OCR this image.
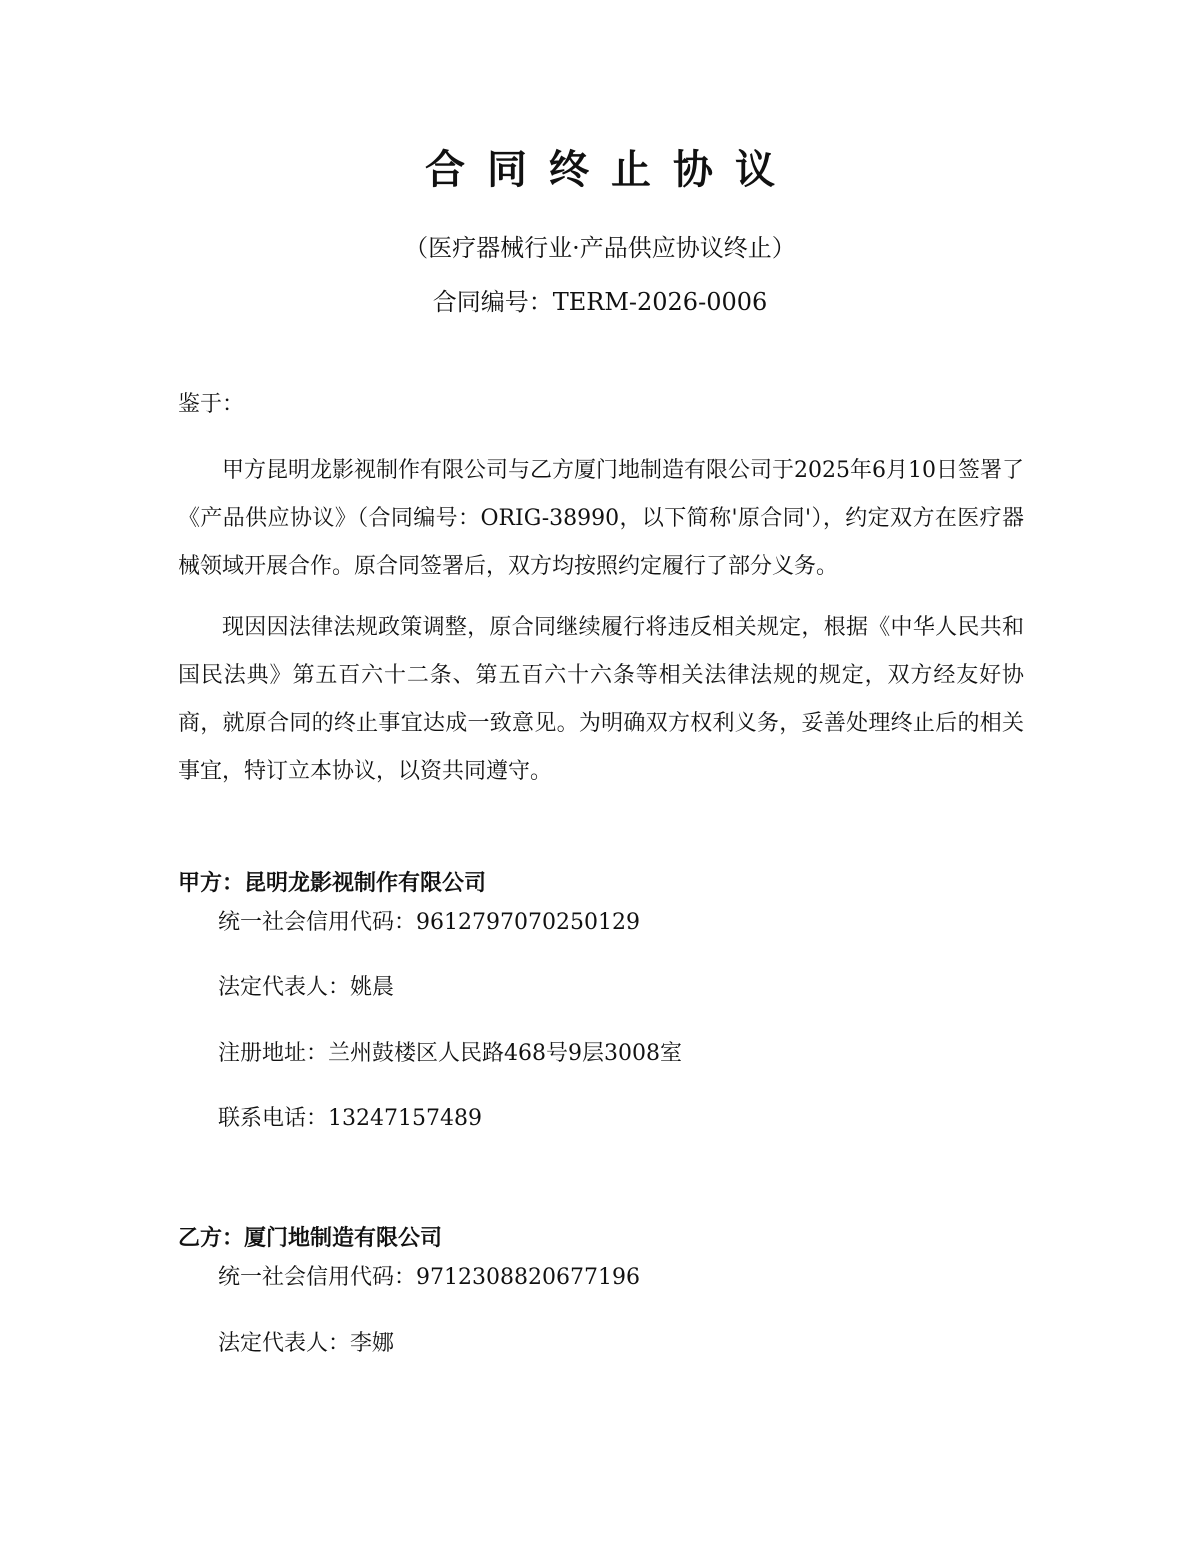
合同终止协议
（医疗器械行业·产品供应协议终止）
合同编号：TERM-2026-0006
鉴于：

甲方昆明龙影视制作有限公司与乙方厦门地制造有限公司于2025年6月10日签署了《产品供应协议》（合同编号：ORIG-38990，以下简称'原合同'），约定双方在医疗器械领域开展合作。原合同签署后，双方均按照约定履行了部分义务。

现因因法律法规政策调整，原合同继续履行将违反相关规定，根据《中华人民共和国民法典》第五百六十二条、第五百六十六条等相关法律法规的规定，双方经友好协商，就原合同的终止事宜达成一致意见。为明确双方权利义务，妥善处理终止后的相关事宜，特订立本协议，以资共同遵守。

甲方：昆明龙影视制作有限公司
统一社会信用代码：9612797070250129
法定代表人：姚晨
注册地址：兰州鼓楼区人民路468号9层3008室
联系电话：13247157489
乙方：厦门地制造有限公司
统一社会信用代码：9712308820677196
法定代表人：李娜
